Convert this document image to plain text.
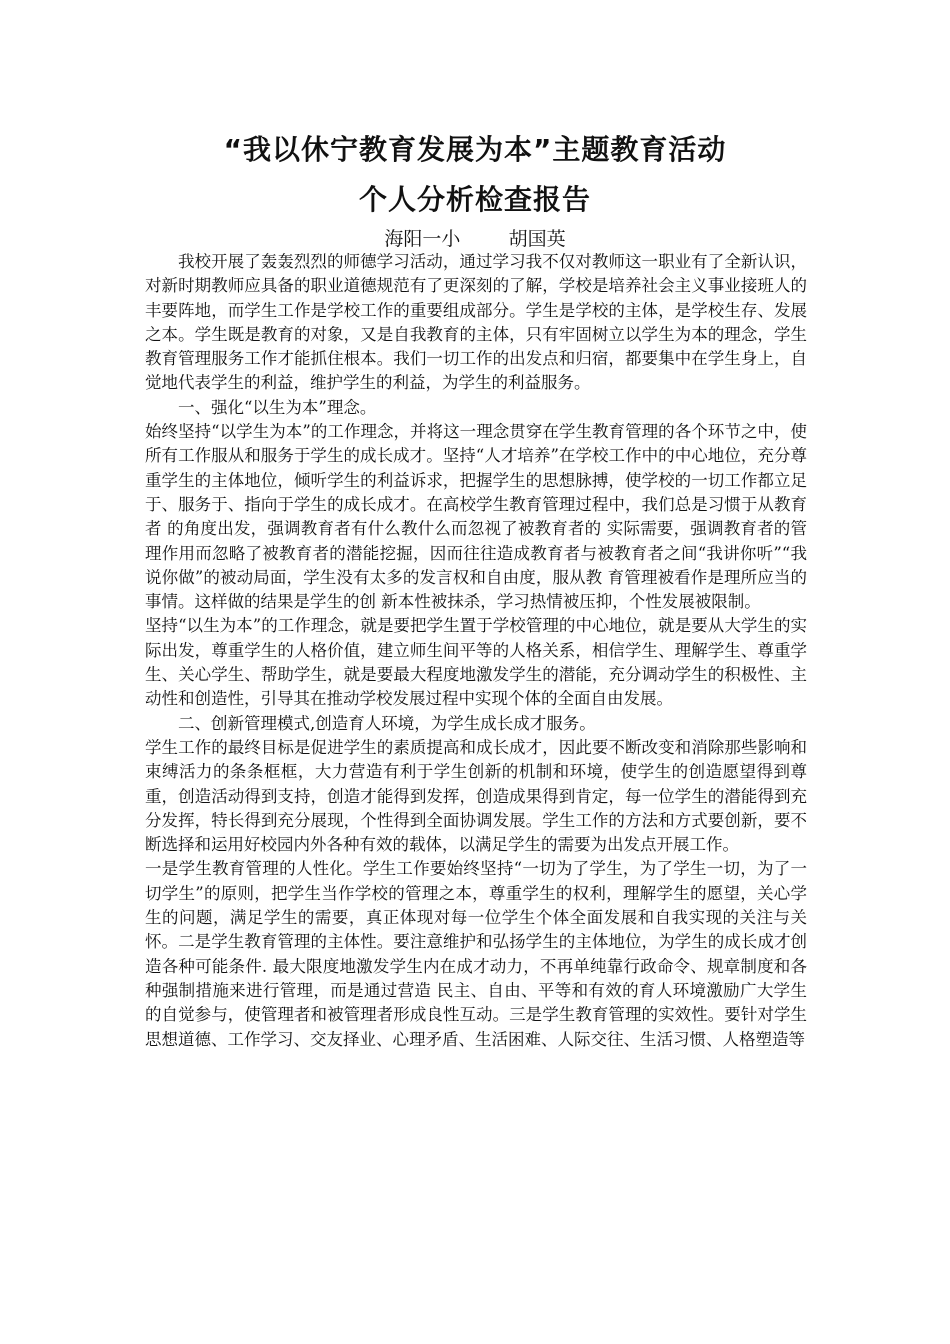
“我以休宁教育发展为本”主题教育活动
个人分析检查报告
海阳一小        胡国英

我校开展了轰轰烈烈的师德学习活动，通过学习我不仅对教师这一职业有了全新认识，对新时期教师应具备的职业道德规范有了更深刻的了解，学校是培养社会主义事业接班人的丰要阵地，而学生工作是学校工作的重要组成部分。学生是学校的主体，是学校生存、发展之本。学生既是教育的对象，又是自我教育的主体，只有牢固树立以学生为本的理念，学生教育管理服务工作才能抓住根本。我们一切工作的出发点和归宿，都要集中在学生身上，自觉地代表学生的利益，维护学生的利益，为学生的利益服务。

一、强化“以生为本”理念。

始终坚持“以学生为本”的工作理念，并将这一理念贯穿在学生教育管理的各个环节之中，使所有工作服从和服务于学生的成长成才。坚持“人才培养”在学校工作中的中心地位，充分尊重学生的主体地位，倾听学生的利益诉求，把握学生的思想脉搏，使学校的一切工作都立足于、服务于、指向于学生的成长成才。在高校学生教育管理过程中，我们总是习惯于从教育者 的角度出发，强调教育者有什么教什么而忽视了被教育者的 实际需要，强调教育者的管理作用而忽略了被教育者的潜能挖掘，因而往往造成教育者与被教育者之间“我讲你听”“我说你做”的被动局面，学生没有太多的发言权和自由度，服从教 育管理被看作是理所应当的事情。这样做的结果是学生的创 新本性被抹杀，学习热情被压抑，个性发展被限制。

坚持“以生为本”的工作理念，就是要把学生置于学校管理的中心地位，就是要从大学生的实际出发，尊重学生的人格价值，建立师生间平等的人格关系，相信学生、理解学生、尊重学生、关心学生、帮助学生，就是要最大程度地激发学生的潜能，充分调动学生的积极性、主动性和创造性，引导其在推动学校发展过程中实现个体的全面自由发展。

二、创新管理模式,创造育人环境，为学生成长成才服务。

学生工作的最终目标是促进学生的素质提高和成长成才，因此要不断改变和消除那些影响和束缚活力的条条框框，大力营造有利于学生创新的机制和环境，使学生的创造愿望得到尊重，创造活动得到支持，创造才能得到发挥，创造成果得到肯定，每一位学生的潜能得到充分发挥，特长得到充分展现，个性得到全面协调发展。学生工作的方法和方式要创新，要不断选择和运用好校园内外各种有效的载体，以满足学生的需要为出发点开展工作。

一是学生教育管理的人性化。学生工作要始终坚持“一切为了学生，为了学生一切，为了一切学生”的原则，把学生当作学校的管理之本，尊重学生的权利，理解学生的愿望，关心学生的问题，满足学生的需要，真正体现对每一位学生个体全面发展和自我实现的关注与关怀。二是学生教育管理的主体性。要注意维护和弘扬学生的主体地位，为学生的成长成才创造各种可能条件. 最大限度地激发学生内在成才动力，不再单纯靠行政命令、规章制度和各种强制措施来进行管理，而是通过营造 民主、自由、平等和有效的育人环境激励广大学生的自觉参与，使管理者和被管理者形成良性互动。三是学生教育管理的实效性。要针对学生思想道德、工作学习、交友择业、心理矛盾、生活困难、人际交往、生活习惯、人格塑造等
